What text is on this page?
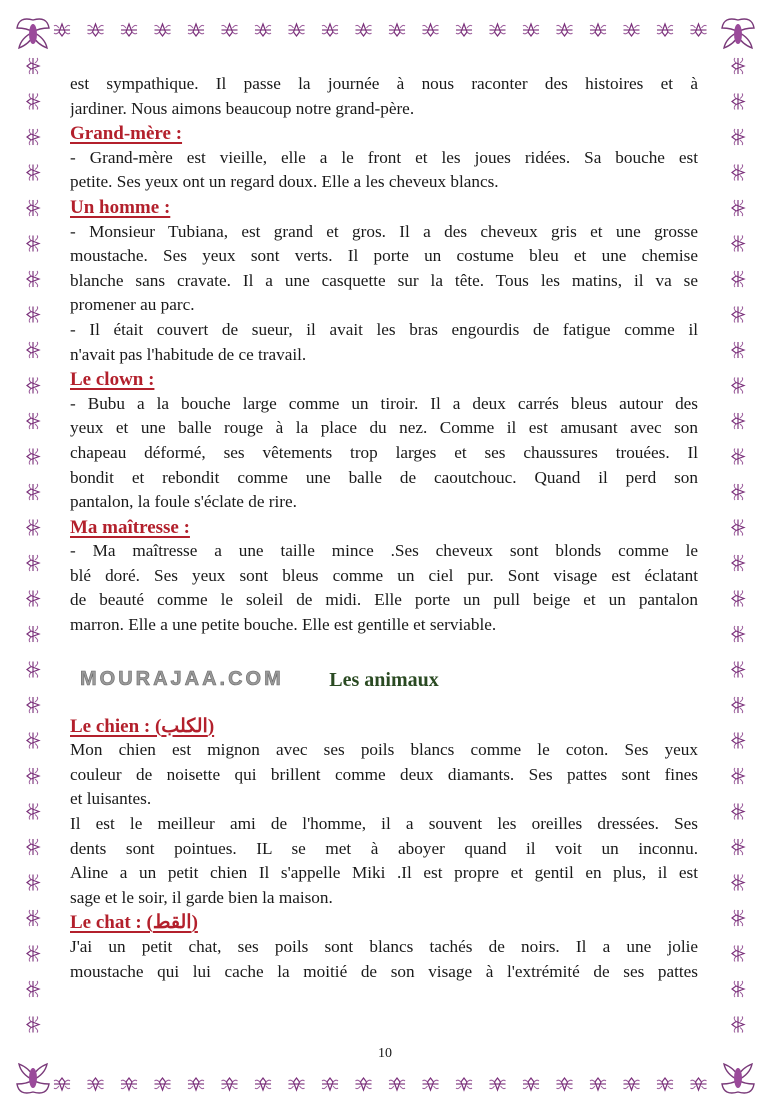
est sympathique. Il passe la journée à nous raconter des histoires et à
jardiner. Nous aimons beaucoup notre grand-père.
Grand-mère :
- Grand-mère est vieille, elle a le front et les joues ridées. Sa bouche est
petite. Ses yeux ont un regard doux. Elle a les cheveux blancs.
Un homme :
- Monsieur Tubiana, est grand et gros. Il a des cheveux gris et une grosse
moustache. Ses yeux sont verts. Il porte un costume bleu et une chemise
blanche sans cravate. Il a une casquette sur la tête. Tous les matins, il va se
promener au parc.
- Il était couvert de sueur, il avait les bras engourdis de fatigue comme il
n'avait pas l'habitude de ce travail.
Le clown :
- Bubu a la bouche large comme un tiroir. Il a deux carrés bleus autour des
yeux et une balle rouge à la place du nez. Comme il est amusant avec son
chapeau déformé, ses vêtements trop larges et ses chaussures trouées. Il
bondit et rebondit comme une balle de caoutchouc. Quand il perd son
pantalon, la foule s'éclate de rire.
Ma maîtresse :
- Ma maîtresse a une taille mince .Ses cheveux sont blonds comme le
blé doré. Ses yeux sont bleus comme un ciel pur. Sont visage est éclatant
de beauté comme le soleil de midi. Elle porte un pull beige et un pantalon
marron. Elle a une petite bouche. Elle est gentille et serviable.
Les animaux
Le chien : (الكلب)
Mon chien est mignon avec ses poils blancs comme le coton. Ses yeux
couleur de noisette qui brillent comme deux diamants. Ses pattes sont fines
et luisantes.
Il est le meilleur ami de l'homme, il a souvent les oreilles dressées. Ses
dents sont pointues. IL se met à aboyer quand il voit un inconnu.
Aline a un petit chien Il s'appelle Miki .Il est propre et gentil en plus, il est
sage et le soir, il garde bien la maison.
Le chat : (القط)
J'ai un petit chat, ses poils sont blancs tachés de noirs. Il a une jolie
moustache qui lui cache la moitié de son visage à l'extrémité de ses pattes
MOURAJAA.COM
10
